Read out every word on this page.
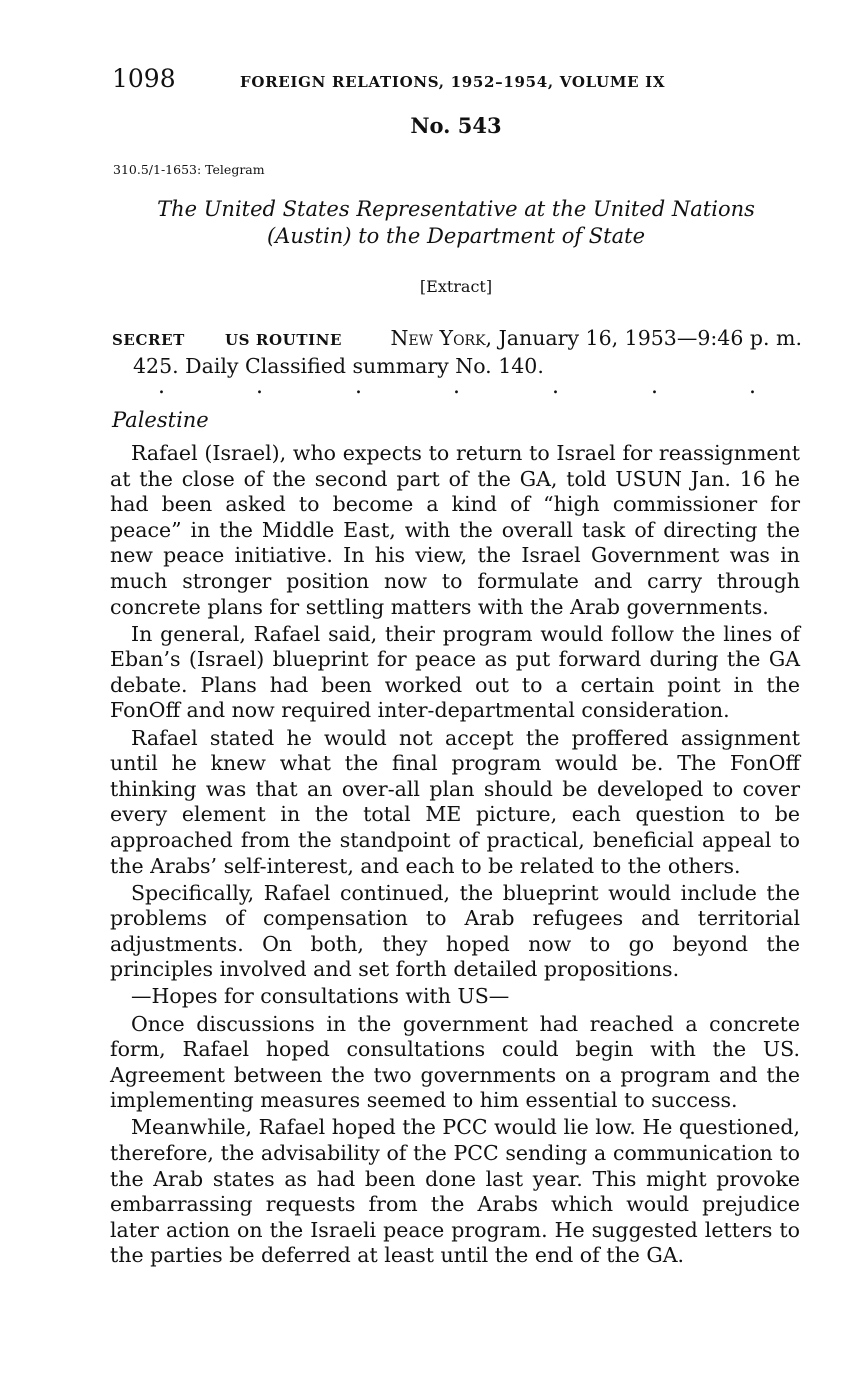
1098	FOREIGN RELATIONS, 1952–1954, VOLUME IX
No. 543
310.5/1-1653: Telegram
The United States Representative at the United Nations (Austin) to the Department of State
[Extract]
SECRET	US ROUTINE New York, January 16, 1953—9:46 p. m.
425. Daily Classified summary No. 140.
.	.	.	.	.	.	.
Palestine

Rafael (Israel), who expects to return to Israel for reassignment at the close of the second part of the GA, told USUN Jan. 16 he had been asked to become a kind of “high commissioner for peace” in the Middle East, with the overall task of directing the new peace initiative. In his view, the Israel Government was in much stronger position now to formulate and carry through concrete plans for settling matters with the Arab governments.

In general, Rafael said, their program would follow the lines of Eban’s (Israel) blueprint for peace as put forward during the GA debate. Plans had been worked out to a certain point in the FonOff and now required inter-departmental consideration.

Rafael stated he would not accept the proffered assignment until he knew what the final program would be. The FonOff thinking was that an over-all plan should be developed to cover every element in the total ME picture, each question to be approached from the standpoint of practical, beneficial appeal to the Arabs’ self-interest, and each to be related to the others.

Specifically, Rafael continued, the blueprint would include the problems of compensation to Arab refugees and territorial adjustments. On both, they hoped now to go beyond the principles involved and set forth detailed propositions.

—Hopes for consultations with US—

Once discussions in the government had reached a concrete form, Rafael hoped consultations could begin with the US. Agreement between the two governments on a program and the implementing measures seemed to him essential to success.

Meanwhile, Rafael hoped the PCC would lie low. He questioned, therefore, the advisability of the PCC sending a communication to the Arab states as had been done last year. This might provoke embarrassing requests from the Arabs which would prejudice later action on the Israeli peace program. He suggested letters to the parties be deferred at least until the end of the GA.
